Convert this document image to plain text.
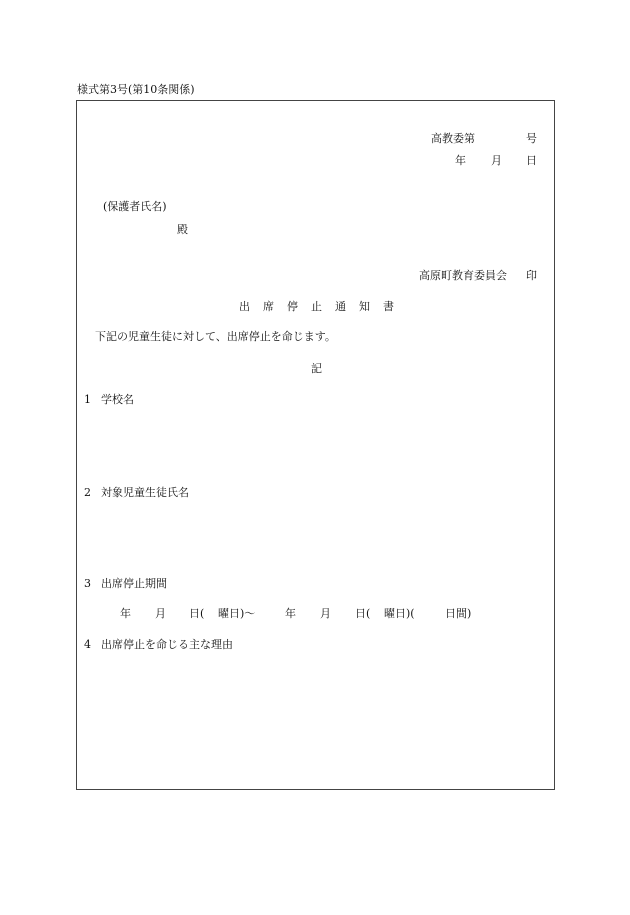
様式第3号(第10条関係)
高教委第	号
年 月 日
(保護者氏名)
殿
高原町教育委員会 印
出 席 停 止 通 知 書
下記の児童生徒に対して、出席停止を命じます。
記
1 学校名
2 対象児童生徒氏名
3 出席停止期間
年 月 日( 曜日)〜	年 月 日( 曜日)(	日間)
4 出席停止を命じる主な理由
